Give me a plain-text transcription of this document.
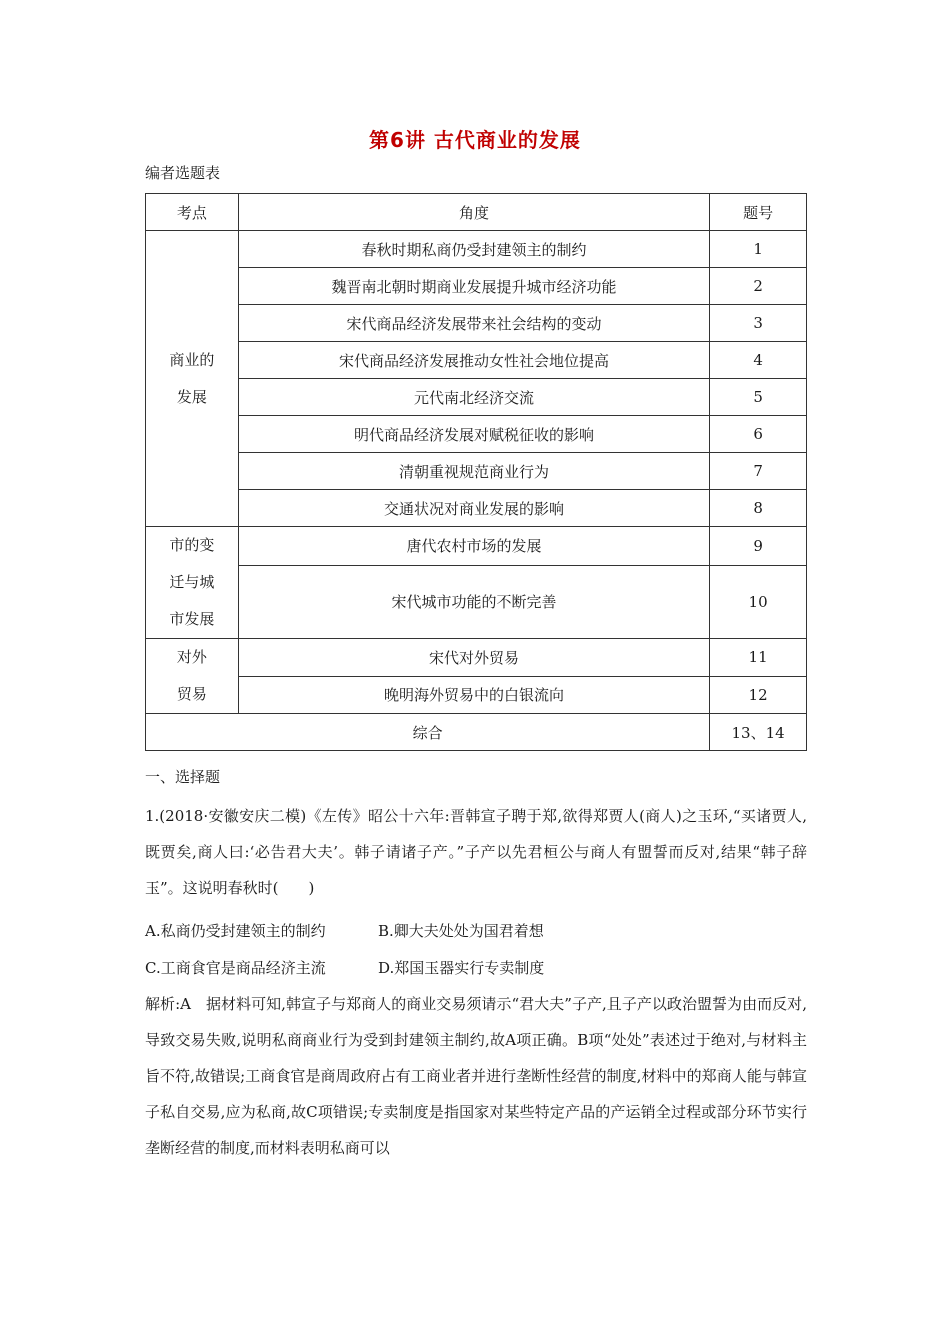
第6讲 古代商业的发展
编者选题表
考点	角度	题号

商业的
发展	春秋时期私商仍受封建领主的制约	1
	魏晋南北朝时期商业发展提升城市经济功能	2
	宋代商品经济发展带来社会结构的变动	3
	宋代商品经济发展推动女性社会地位提高	4
	元代南北经济交流	5
	明代商品经济发展对赋税征收的影响	6
	清朝重视规范商业行为	7
	交通状况对商业发展的影响	8

市的变
迁与城
市发展	唐代农村市场的发展	9
	宋代城市功能的不断完善	10

对外
贸易	宋代对外贸易	11
	晚明海外贸易中的白银流向	12
综合		13、14
一、选择题
1.(2018·安徽安庆二模)《左传》昭公十六年:晋韩宣子聘于郑,欲得郑贾人(商人)之玉环,“买诸贾人,既贾矣,商人曰:‘必告君大夫’。韩子请诸子产。”子产以先君桓公与商人有盟誓而反对,结果“韩子辞玉”。这说明春秋时(　　)
A.私商仍受封建领主的制约	B.卿大夫处处为国君着想
C.工商食官是商品经济主流	D.郑国玉器实行专卖制度
解析:A　据材料可知,韩宣子与郑商人的商业交易须请示“君大夫”子产,且子产以政治盟誓为由而反对,导致交易失败,说明私商商业行为受到封建领主制约,故A项正确。B项“处处”表述过于绝对,与材料主旨不符,故错误;工商食官是商周政府占有工商业者并进行垄断性经营的制度,材料中的郑商人能与韩宣子私自交易,应为私商,故C项错误;专卖制度是指国家对某些特定产品的产运销全过程或部分环节实行垄断经营的制度,而材料表明私商可以
